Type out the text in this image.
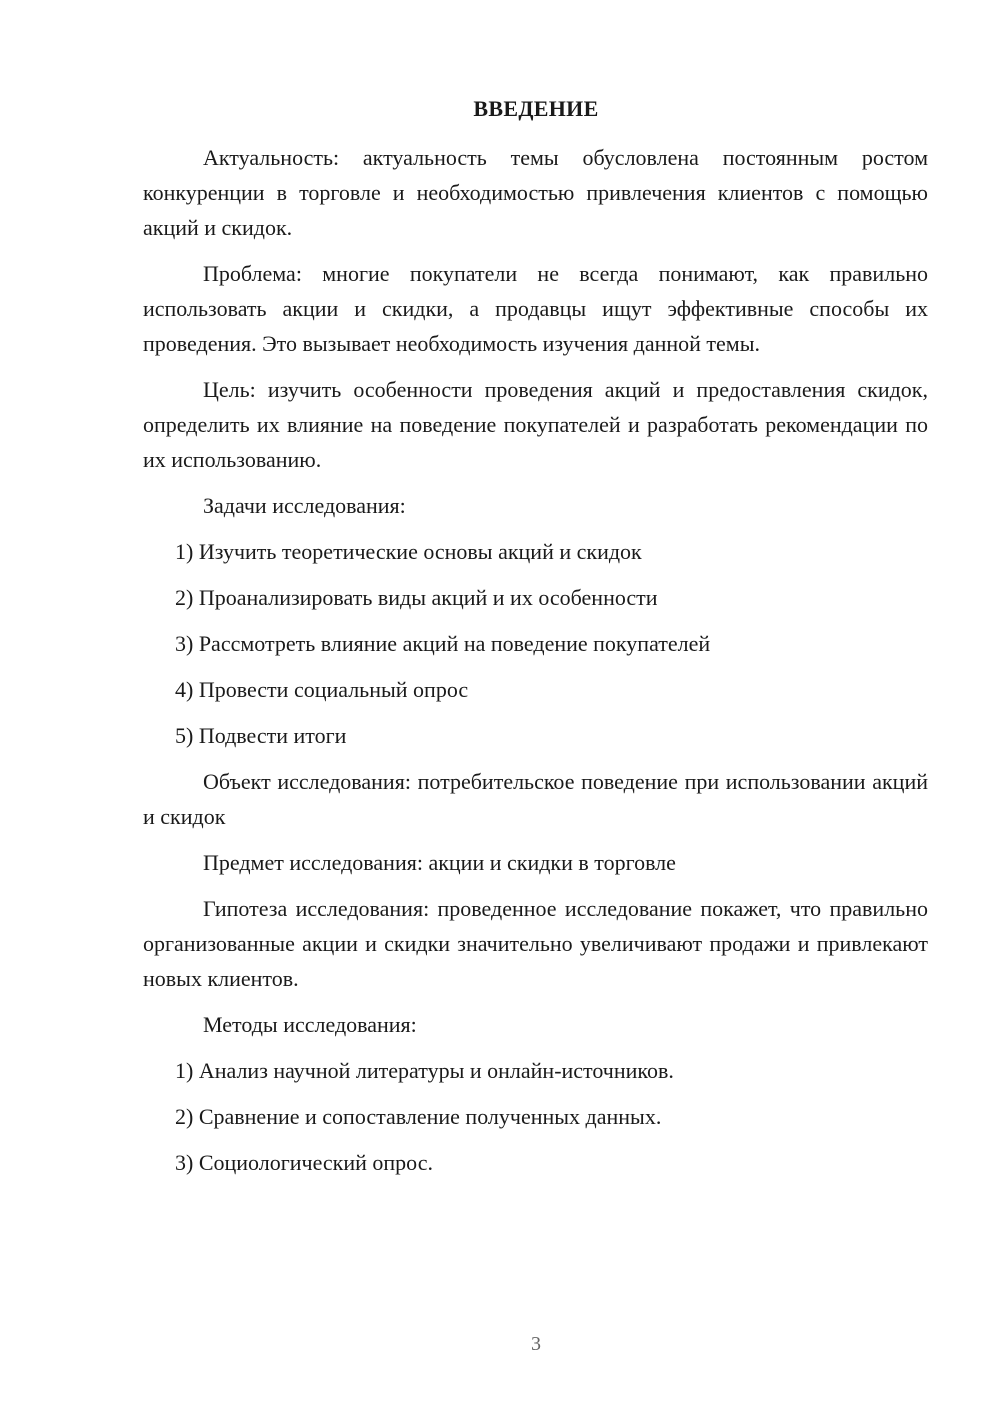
ВВЕДЕНИЕ

Актуальность: актуальность темы обусловлена постоянным ростом конкуренции в торговле и необходимостью привлечения клиентов с помощью акций и скидок.

Проблема: многие покупатели не всегда понимают, как правильно использовать акции и скидки, а продавцы ищут эффективные способы их проведения. Это вызывает необходимость изучения данной темы.

Цель: изучить особенности проведения акций и предоставления скидок, определить их влияние на поведение покупателей и разработать рекомендации по их использованию.

Задачи исследования:

1) Изучить теоретические основы акций и скидок

2) Проанализировать виды акций и их особенности

3) Рассмотреть влияние акций на поведение покупателей

4) Провести социальный опрос

5) Подвести итоги

Объект исследования: потребительское поведение при использовании акций и скидок

Предмет исследования: акции и скидки в торговле

Гипотеза исследования: проведенное исследование покажет, что правильно организованные акции и скидки значительно увеличивают продажи и привлекают новых клиентов.

Методы исследования:

1) Анализ научной литературы и онлайн-источников.

2) Сравнение и сопоставление полученных данных.

3) Социологический опрос.

3
